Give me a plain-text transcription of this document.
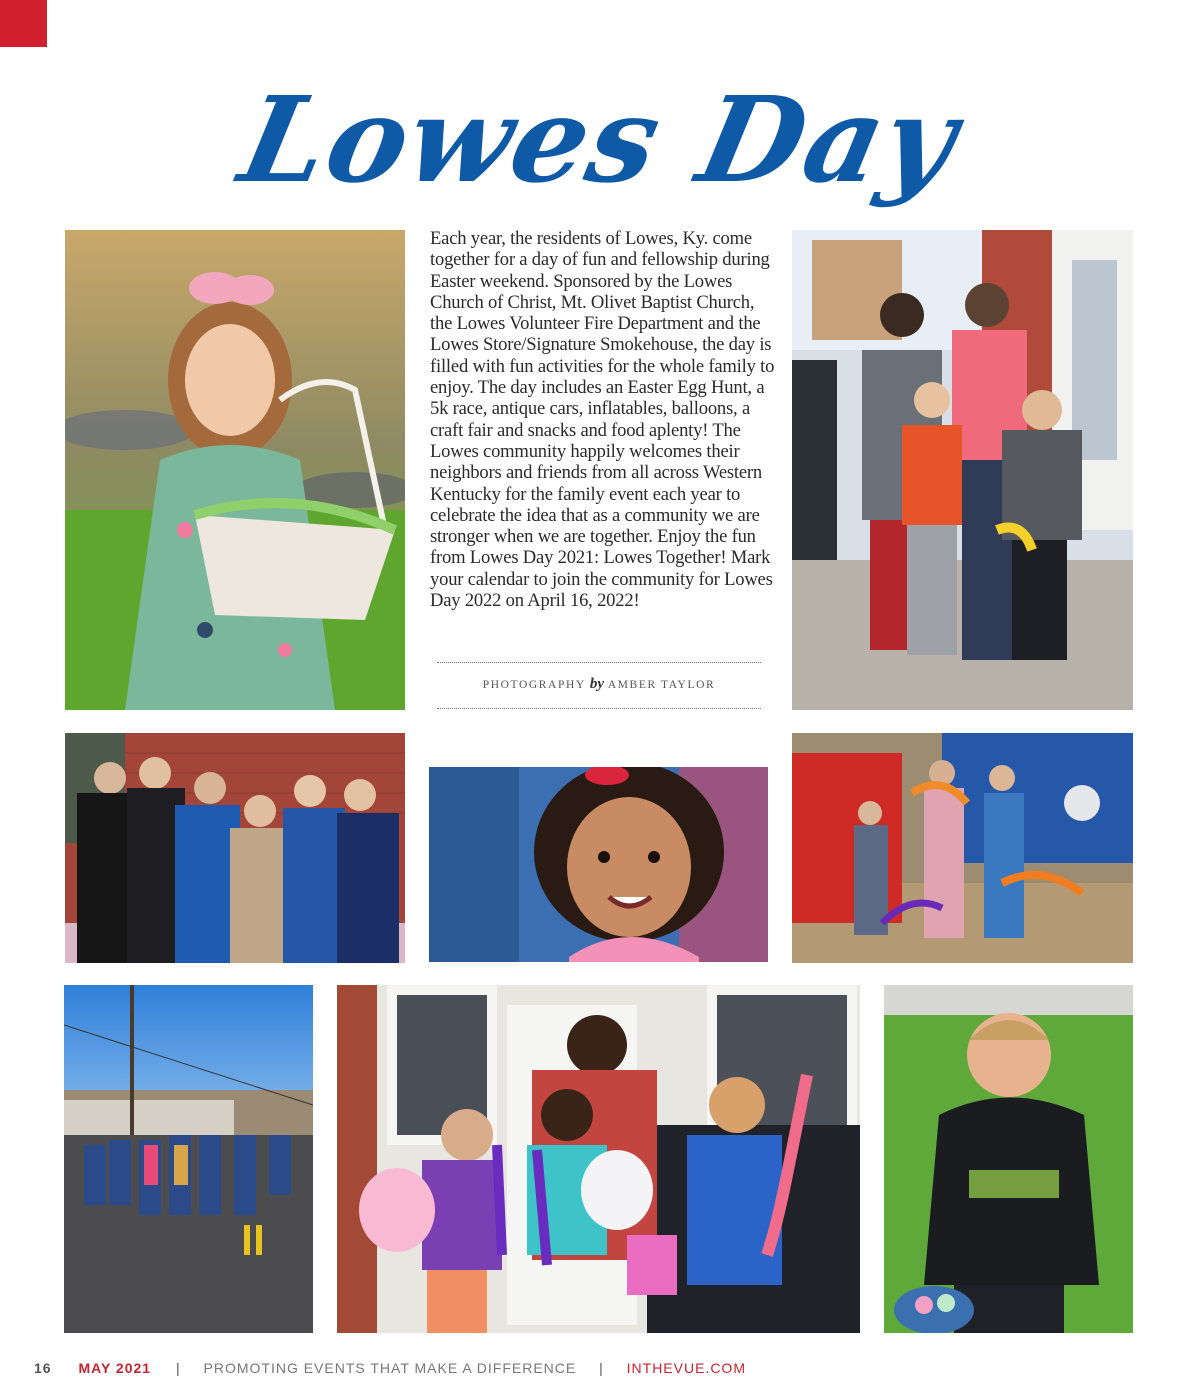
Lowes Day
Each year, the residents of Lowes, Ky. come together for a day of fun and fellowship during Easter weekend. Sponsored by the Lowes Church of Christ, Mt. Olivet Baptist Church, the Lowes Volunteer Fire Department and the Lowes Store/Signature Smokehouse, the day is filled with fun activities for the whole family to enjoy. The day includes an Easter Egg Hunt, a 5k race, antique cars, inflatables, balloons, a craft fair and snacks and food aplenty! The Lowes community happily welcomes their neighbors and friends from all across Western Kentucky for the family event each year to celebrate the idea that as a community we are stronger when we are together. Enjoy the fun from Lowes Day 2021: Lowes Together! Mark your calendar to join the community for Lowes Day 2022 on April 16, 2022!
PHOTOGRAPHY by AMBER TAYLOR
16 MAY 2021 | PROMOTING EVENTS THAT MAKE A DIFFERENCE | INTHEVUE.COM
